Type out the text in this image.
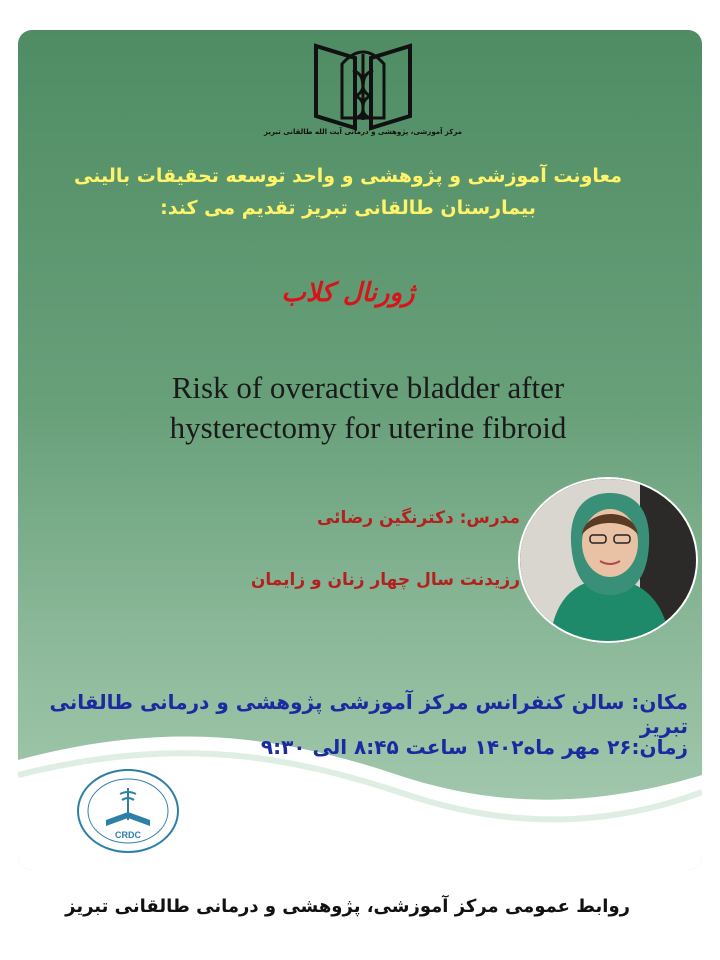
مرکز آموزشی، پژوهشی و درمانی آیت الله طالقانی تبریز
معاونت آموزشی و پژوهشی و واحد توسعه تحقیقات بالینی
بیمارستان طالقانی تبریز تقدیم می کند:
ژورنال کلاب
Risk of overactive bladder after
hysterectomy for uterine fibroid
مدرس: دکترنگین رضائی
رزیدنت سال چهار زنان و زایمان
مکان: سالن کنفرانس مرکز آموزشی پژوهشی و درمانی طالقانی تبریز
زمان:۲۶ مهر ماه۱۴۰۲ ساعت ۸:۴۵ الی ۹:۳۰
CRDC
روابط عمومی مرکز آموزشی، پژوهشی و درمانی طالقانی تبریز
